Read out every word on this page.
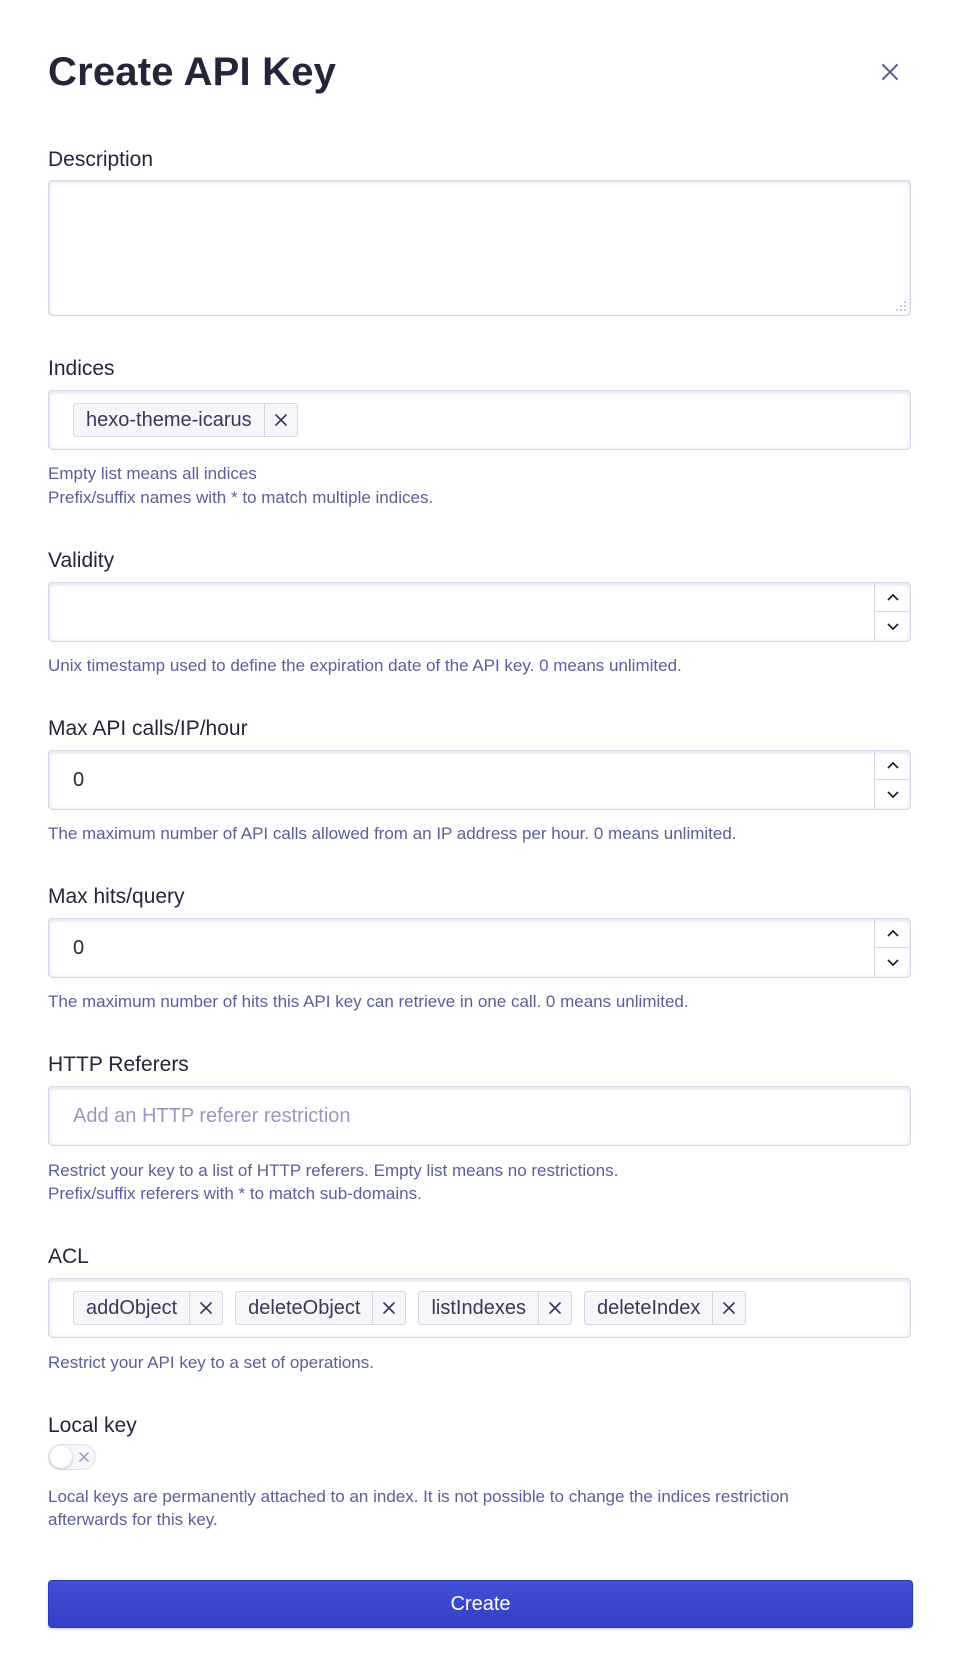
Create API Key
Description
Indices
hexo-theme-icarus
Empty list means all indices
Prefix/suffix names with * to match multiple indices.
Validity
Unix timestamp used to define the expiration date of the API key. 0 means unlimited.
Max API calls/IP/hour
0
The maximum number of API calls allowed from an IP address per hour. 0 means unlimited.
Max hits/query
0
The maximum number of hits this API key can retrieve in one call. 0 means unlimited.
HTTP Referers
Add an HTTP referer restriction
Restrict your key to a list of HTTP referers. Empty list means no restrictions.
Prefix/suffix referers with * to match sub-domains.
ACL
addObject	deleteObject	listIndexes	deleteIndex
Restrict your API key to a set of operations.
Local key
Local keys are permanently attached to an index. It is not possible to change the indices restriction
afterwards for this key.
Create
